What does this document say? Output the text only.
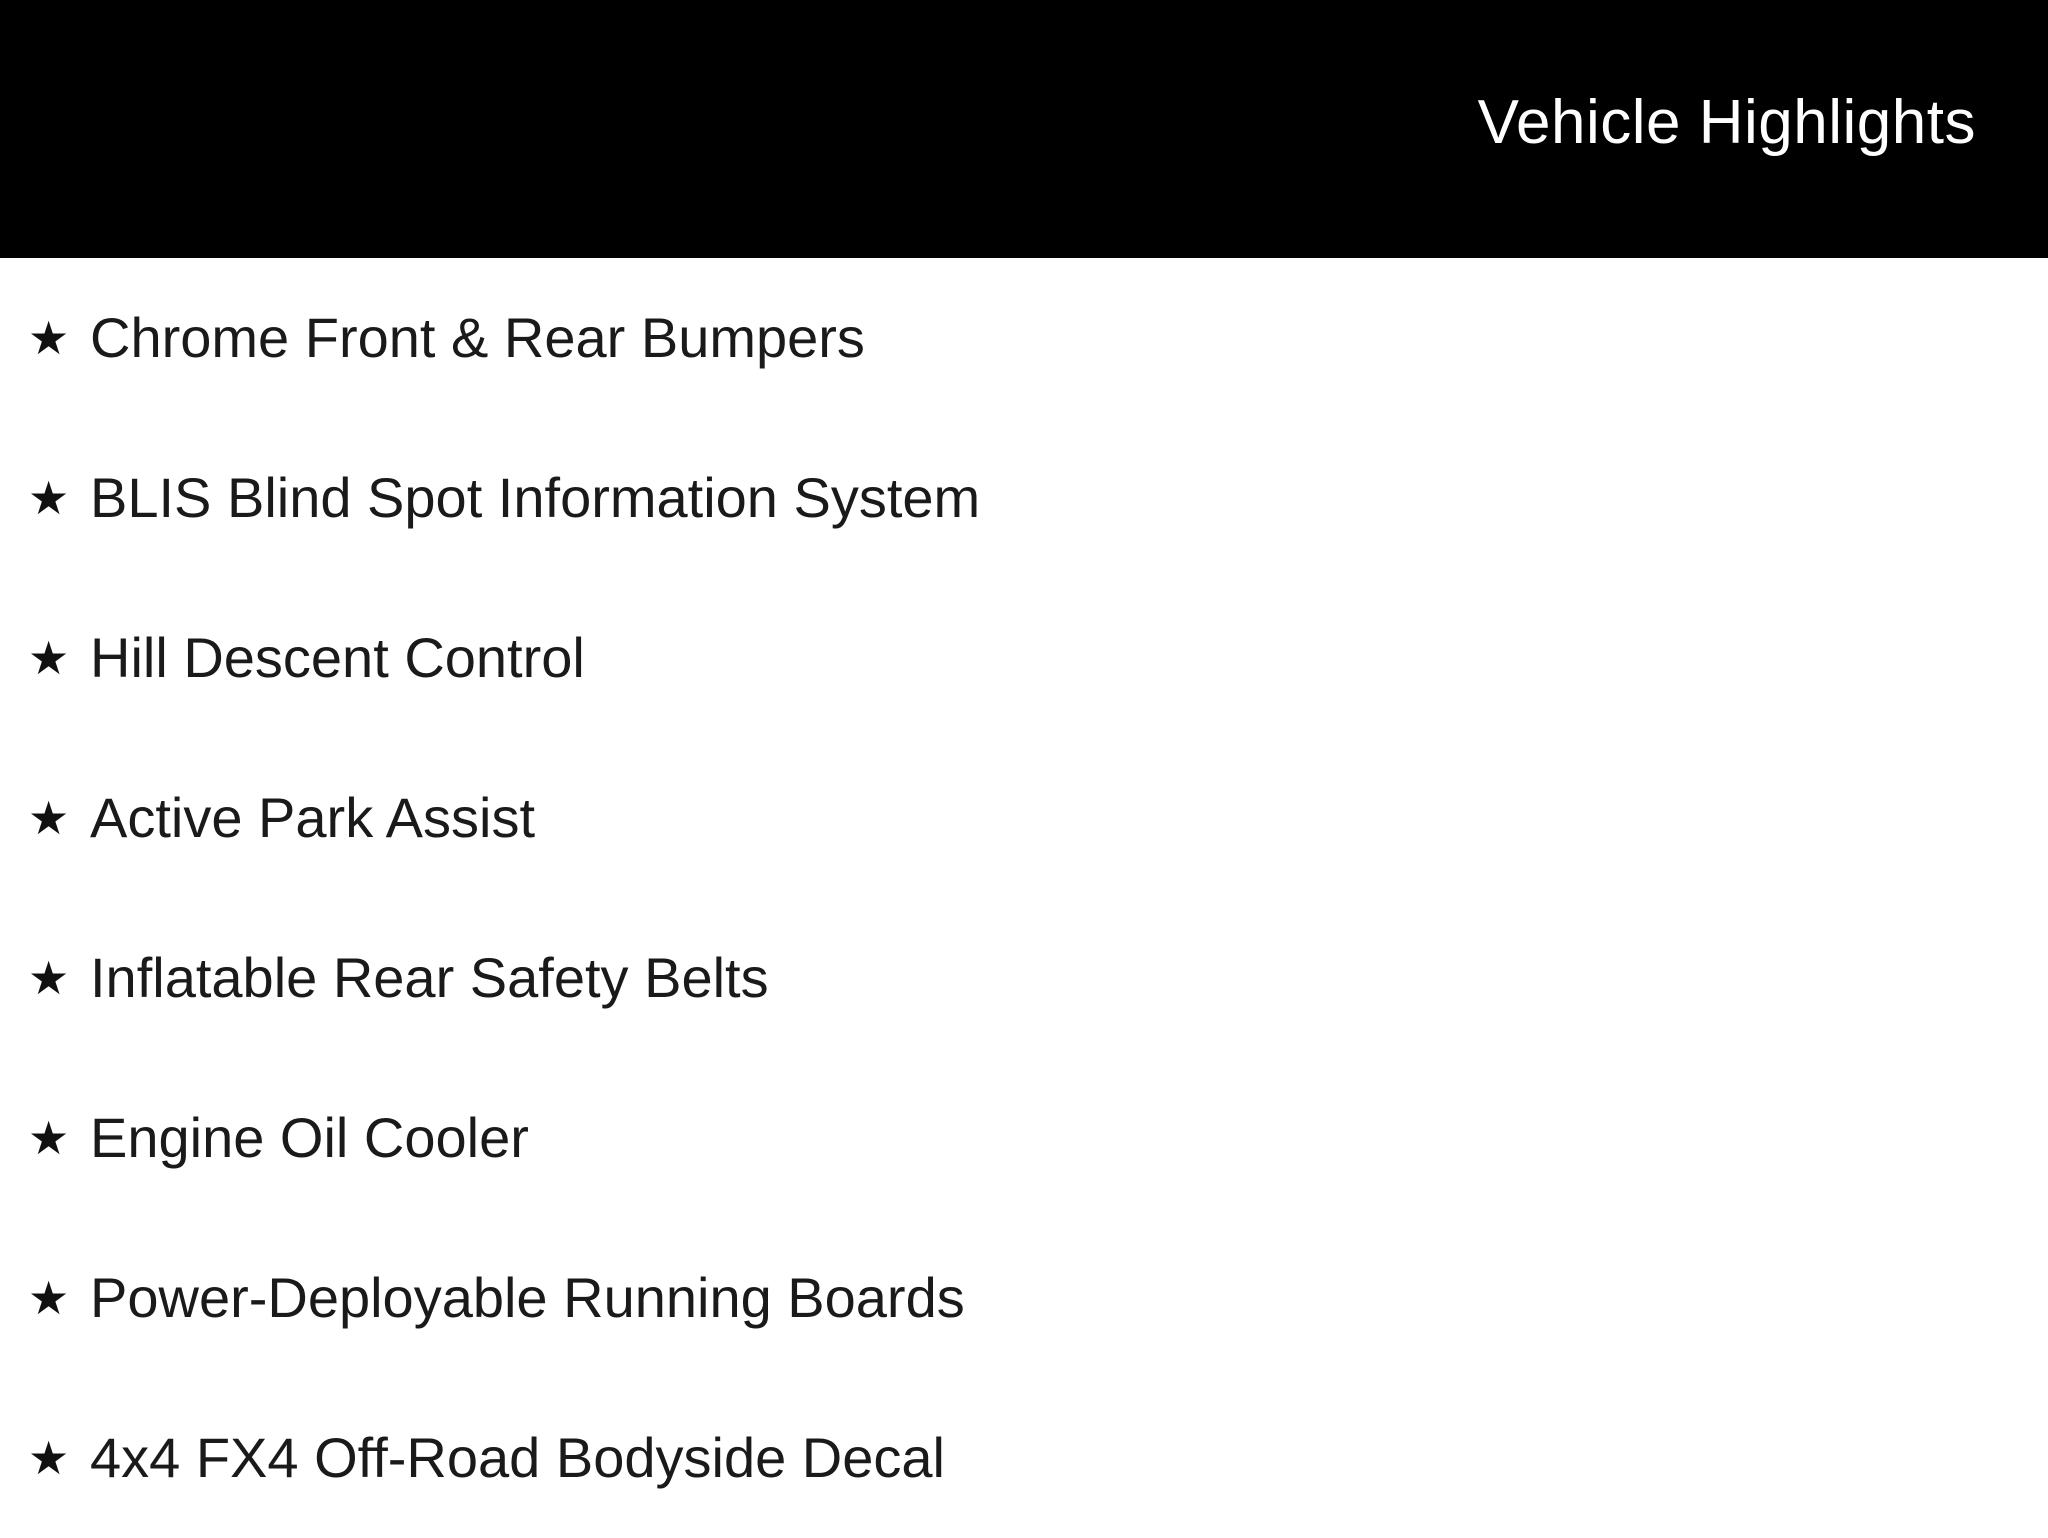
Vehicle Highlights
★ Chrome Front & Rear Bumpers
★ BLIS Blind Spot Information System
★ Hill Descent Control
★ Active Park Assist
★ Inflatable Rear Safety Belts
★ Engine Oil Cooler
★ Power-Deployable Running Boards
★ 4x4 FX4 Off-Road Bodyside Decal
